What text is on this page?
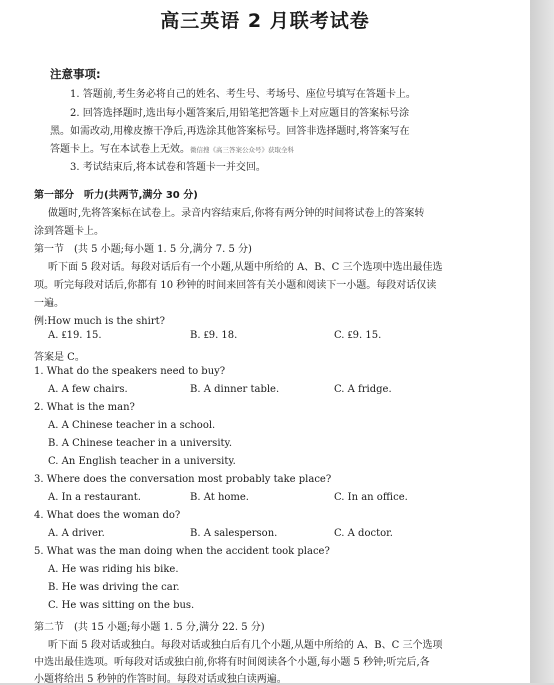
高三英语 2 月联考试卷
注意事项:
1. 答题前,考生务必将自己的姓名、考生号、考场号、座位号填写在答题卡上。
2. 回答选择题时,选出每小题答案后,用铅笔把答题卡上对应题目的答案标号涂
黑。如需改动,用橡皮擦干净后,再选涂其他答案标号。回答非选择题时,将答案写在
答题卡上。写在本试卷上无效。微信搜《高三答案公众号》获取全科
3. 考试结束后,将本试卷和答题卡一并交回。
第一部分　听力(共两节,满分 30 分)
做题时,先将答案标在试卷上。录音内容结束后,你将有两分钟的时间将试卷上的答案转
涂到答题卡上。
第一节　(共 5 小题;每小题 1. 5 分,满分 7. 5 分)
听下面 5 段对话。每段对话后有一个小题,从题中所给的 A、B、C 三个选项中选出最佳选
项。听完每段对话后,你都有 10 秒钟的时间来回答有关小题和阅读下一小题。每段对话仅读
一遍。
例:How much is the shirt?
A. ₤19. 15.	B. ₤9. 18.	C. ₤9. 15.
答案是 C。
1. What do the speakers need to buy?
A. A few chairs.	B. A dinner table.	C. A fridge.
2. What is the man?
A. A Chinese teacher in a school.
B. A Chinese teacher in a university.
C. An English teacher in a university.
3. Where does the conversation most probably take place?
A. In a restaurant.	B. At home.	C. In an office.
4. What does the woman do?
A. A driver.	B. A salesperson.	C. A doctor.
5. What was the man doing when the accident took place?
A. He was riding his bike.
B. He was driving the car.
C. He was sitting on the bus.
第二节　(共 15 小题;每小题 1. 5 分,满分 22. 5 分)
听下面 5 段对话或独白。每段对话或独白后有几个小题,从题中所给的 A、B、C 三个选项
中选出最佳选项。听每段对话或独白前,你将有时间阅读各个小题,每小题 5 秒钟;听完后,各
小题将给出 5 秒钟的作答时间。每段对话或独白读两遍。
